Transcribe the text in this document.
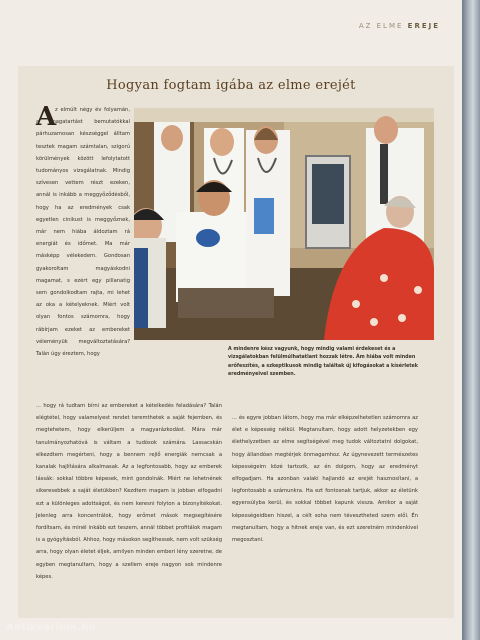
AZ ELME EREJE
Hogyan fogtam igába az elme erejét
A

z elmúlt négy év folyamán, a magatartást bemutatókkal párhuzamosan készséggel álltam tesztek magam számtalan, szigorú körülmények között lefolytatott tudományos vizsgálatnak. Mindig szívesen vettem részt ezeken, annál is inkább a meggyőződésből, hogy ha az eredmények csak egyetlen cinikust is meggyőznek, már nem hiába áldoztam rá energiát és időmet. Ma már másképp vélekedem. Gondosan gyakoroltam magyáskodni magamat, s ezért egy pillanatig sem gondolkodtam rajta, mi lehet az oka a kételyeknek. Miért volt olyan fontos számomra, hogy rábírjam ezeket az embereket véleményük megváltoztatására? Talán úgy éreztem, hogy

A mindenre kész vagyunk, hogy mindig valami érdekeset és a vizsgálatokban felülmúlhatatlant hozzak létre. Ám hiába volt minden erőfeszítés, a szkeptikusok mindig találtak új kifogásokat a kísérletek eredményeivel szemben.

... hogy rá tudtam bírni az embereket a kételkedés feladására? Talán elégtétel, hogy valamelyest rendet teremthetek a saját fejemben, és megtehetem, hogy elkerüljem a magyarázkodást. Mára már tanulmányozhatóvá is váltam a tudósok számára. Lassacskán elkezdtem megérteni, hogy a bennem rejlő energiák nemcsak a kanalak hajlítására alkalmasak. Az a legfontosabb, hogy az emberek lássák: sokkal többre képesek, mint gondolnák. Miért ne lehetnének sikeresebbek a saját életükben? Kezdtem magam is jobban elfogadni ezt a különleges adottságot, és nem keresni folyton a bizonyítékokat. Jelenleg arra koncentrálok, hogy erőmet mások megsegítésére fordítsam, és minél inkább ezt teszem, annál többet profitálok magam is a gyógyításból. Ahhoz, hogy másokon segíthessek, nem volt szükség arra, hogy olyan életet éljek, amilyen minden emberi lény szeretne, de egyben megtanultam, hogy a szellem ereje nagyon sok mindenre képes.

... és egyre jobban látom, hogy ma már elképzelhetetlen számomra az élet e képesség nélkül. Megtanultam, hogy adott helyzetekben egy élethelyzetben az elme segítségével meg tudok változtatni dolgokat, hogy állandóan megtérjek önmagamhoz. Az úgynevezett természetes képességeim közé tartozik, az én dolgom, hogy az eredményt elfogadjam. Ha azonban valaki hajlandó az erejét hasznosítani, a legfontosabb a számunkra. Ha ezt fontosnak tartjuk, akkor az életünk egyensúlyba kerül, és sokkal többet kapunk vissza. Amikor a saját képességeidben hiszel, a célt soha nem tévesztheted szem elől. Én megtanultam, hogy a hitnek ereje van, és ezt szeretném mindenkivel megosztani.

Antikvarium.hu
